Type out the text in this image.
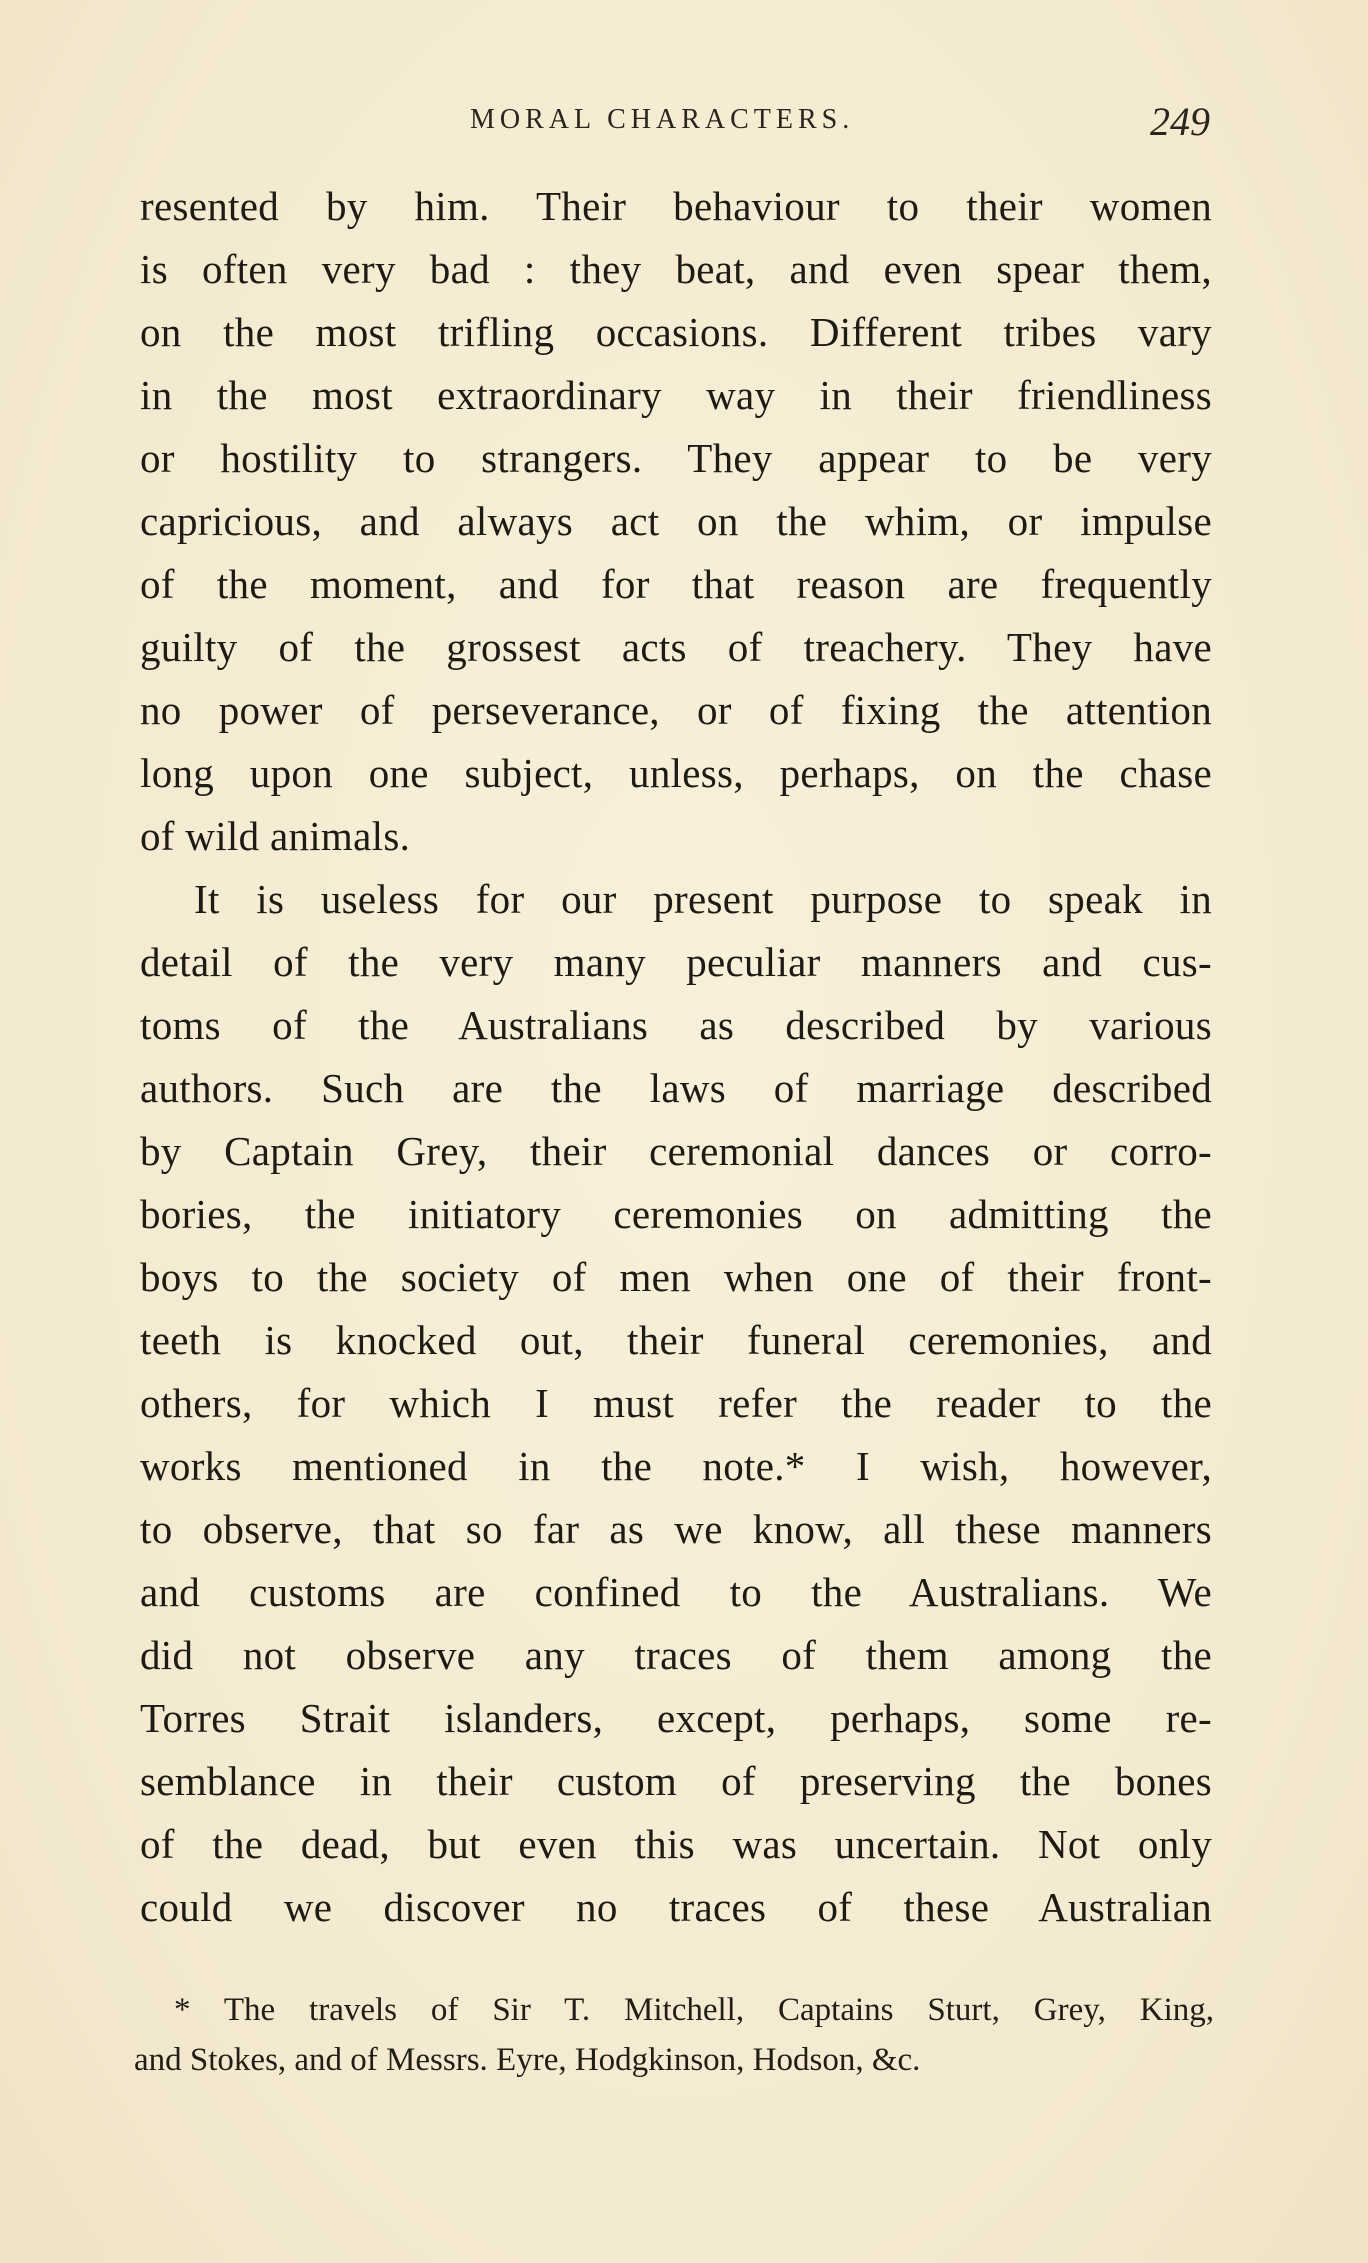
MORAL CHARACTERS.	249
resented by him. Their behaviour to their women
is often very bad : they beat, and even spear them,
on the most trifling occasions. Different tribes vary
in the most extraordinary way in their friendliness
or hostility to strangers. They appear to be very
capricious, and always act on the whim, or impulse
of the moment, and for that reason are frequently
guilty of the grossest acts of treachery. They have
no power of perseverance, or of fixing the attention
long upon one subject, unless, perhaps, on the chase
of wild animals.
It is useless for our present purpose to speak in
detail of the very many peculiar manners and cus-
toms of the Australians as described by various
authors. Such are the laws of marriage described
by Captain Grey, their ceremonial dances or corro-
bories, the initiatory ceremonies on admitting the
boys to the society of men when one of their front-
teeth is knocked out, their funeral ceremonies, and
others, for which I must refer the reader to the
works mentioned in the note.* I wish, however,
to observe, that so far as we know, all these manners
and customs are confined to the Australians. We
did not observe any traces of them among the
Torres Strait islanders, except, perhaps, some re-
semblance in their custom of preserving the bones
of the dead, but even this was uncertain. Not only
could we discover no traces of these Australian
* The travels of Sir T. Mitchell, Captains Sturt, Grey, King,
and Stokes, and of Messrs. Eyre, Hodgkinson, Hodson, &c.
